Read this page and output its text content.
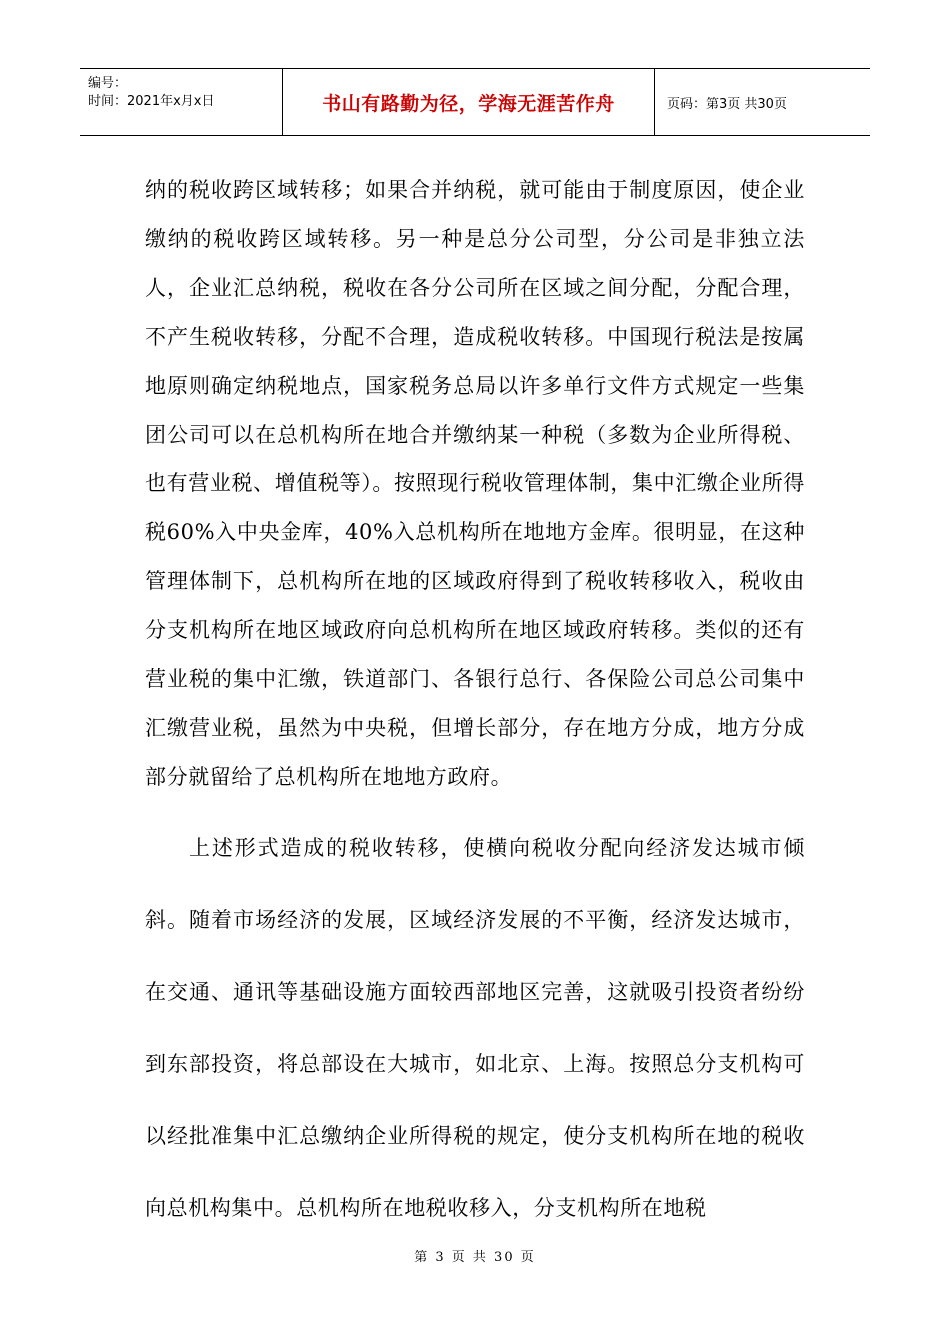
编号：
时间：2021年x月x日	书山有路勤为径，学海无涯苦作舟	页码：第3页 共30页
纳的税收跨区域转移；如果合并纳税，就可能由于制度原因，使企业缴纳的税收跨区域转移。另一种是总分公司型，分公司是非独立法人，企业汇总纳税，税收在各分公司所在区域之间分配，分配合理，不产生税收转移，分配不合理，造成税收转移。中国现行税法是按属地原则确定纳税地点，国家税务总局以许多单行文件方式规定一些集团公司可以在总机构所在地合并缴纳某一种税（多数为企业所得税、也有营业税、增值税等）。按照现行税收管理体制，集中汇缴企业所得税60%入中央金库，40%入总机构所在地地方金库。很明显，在这种管理体制下，总机构所在地的区域政府得到了税收转移收入，税收由分支机构所在地区域政府向总机构所在地区域政府转移。类似的还有营业税的集中汇缴，铁道部门、各银行总行、各保险公司总公司集中汇缴营业税，虽然为中央税，但增长部分，存在地方分成，地方分成部分就留给了总机构所在地地方政府。
上述形式造成的税收转移，使横向税收分配向经济发达城市倾斜。随着市场经济的发展，区域经济发展的不平衡，经济发达城市，在交通、通讯等基础设施方面较西部地区完善，这就吸引投资者纷纷到东部投资，将总部设在大城市，如北京、上海。按照总分支机构可以经批准集中汇总缴纳企业所得税的规定，使分支机构所在地的税收向总机构集中。总机构所在地税收移入，分支机构所在地税
第 3 页 共 30 页
